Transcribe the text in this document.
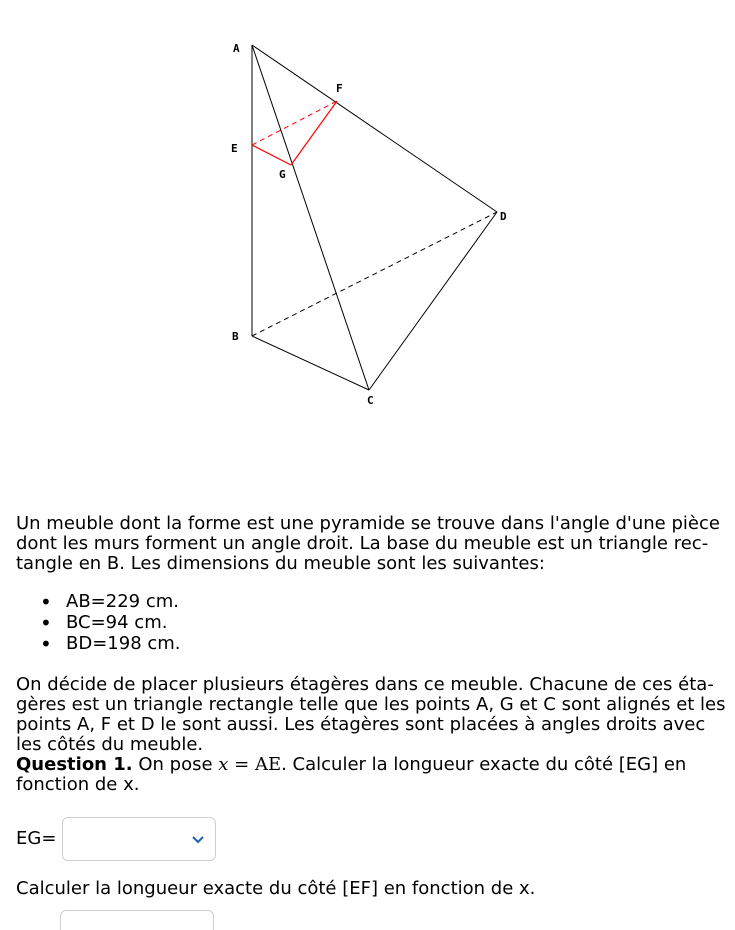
A
F
E
G
D
B
C

Un meuble dont la forme est une pyramide se trouve dans l'angle d'une pièce dont les murs forment un angle droit. La base du meuble est un triangle rec-tangle en B. Les dimensions du meuble sont les suivantes:

• AB=229 cm.
• BC=94 cm.
• BD=198 cm.

On décide de placer plusieurs étagères dans ce meuble. Chacune de ces éta-gères est un triangle rectangle telle que les points A, G et C sont alignés et les points A, F et D le sont aussi. Les étagères sont placées à angles droits avec les côtés du meuble.

Question 1. On pose x = AE. Calculer la longueur exacte du côté [EG] en fonction de x.

EG=

Calculer la longueur exacte du côté [EF] en fonction de x.
